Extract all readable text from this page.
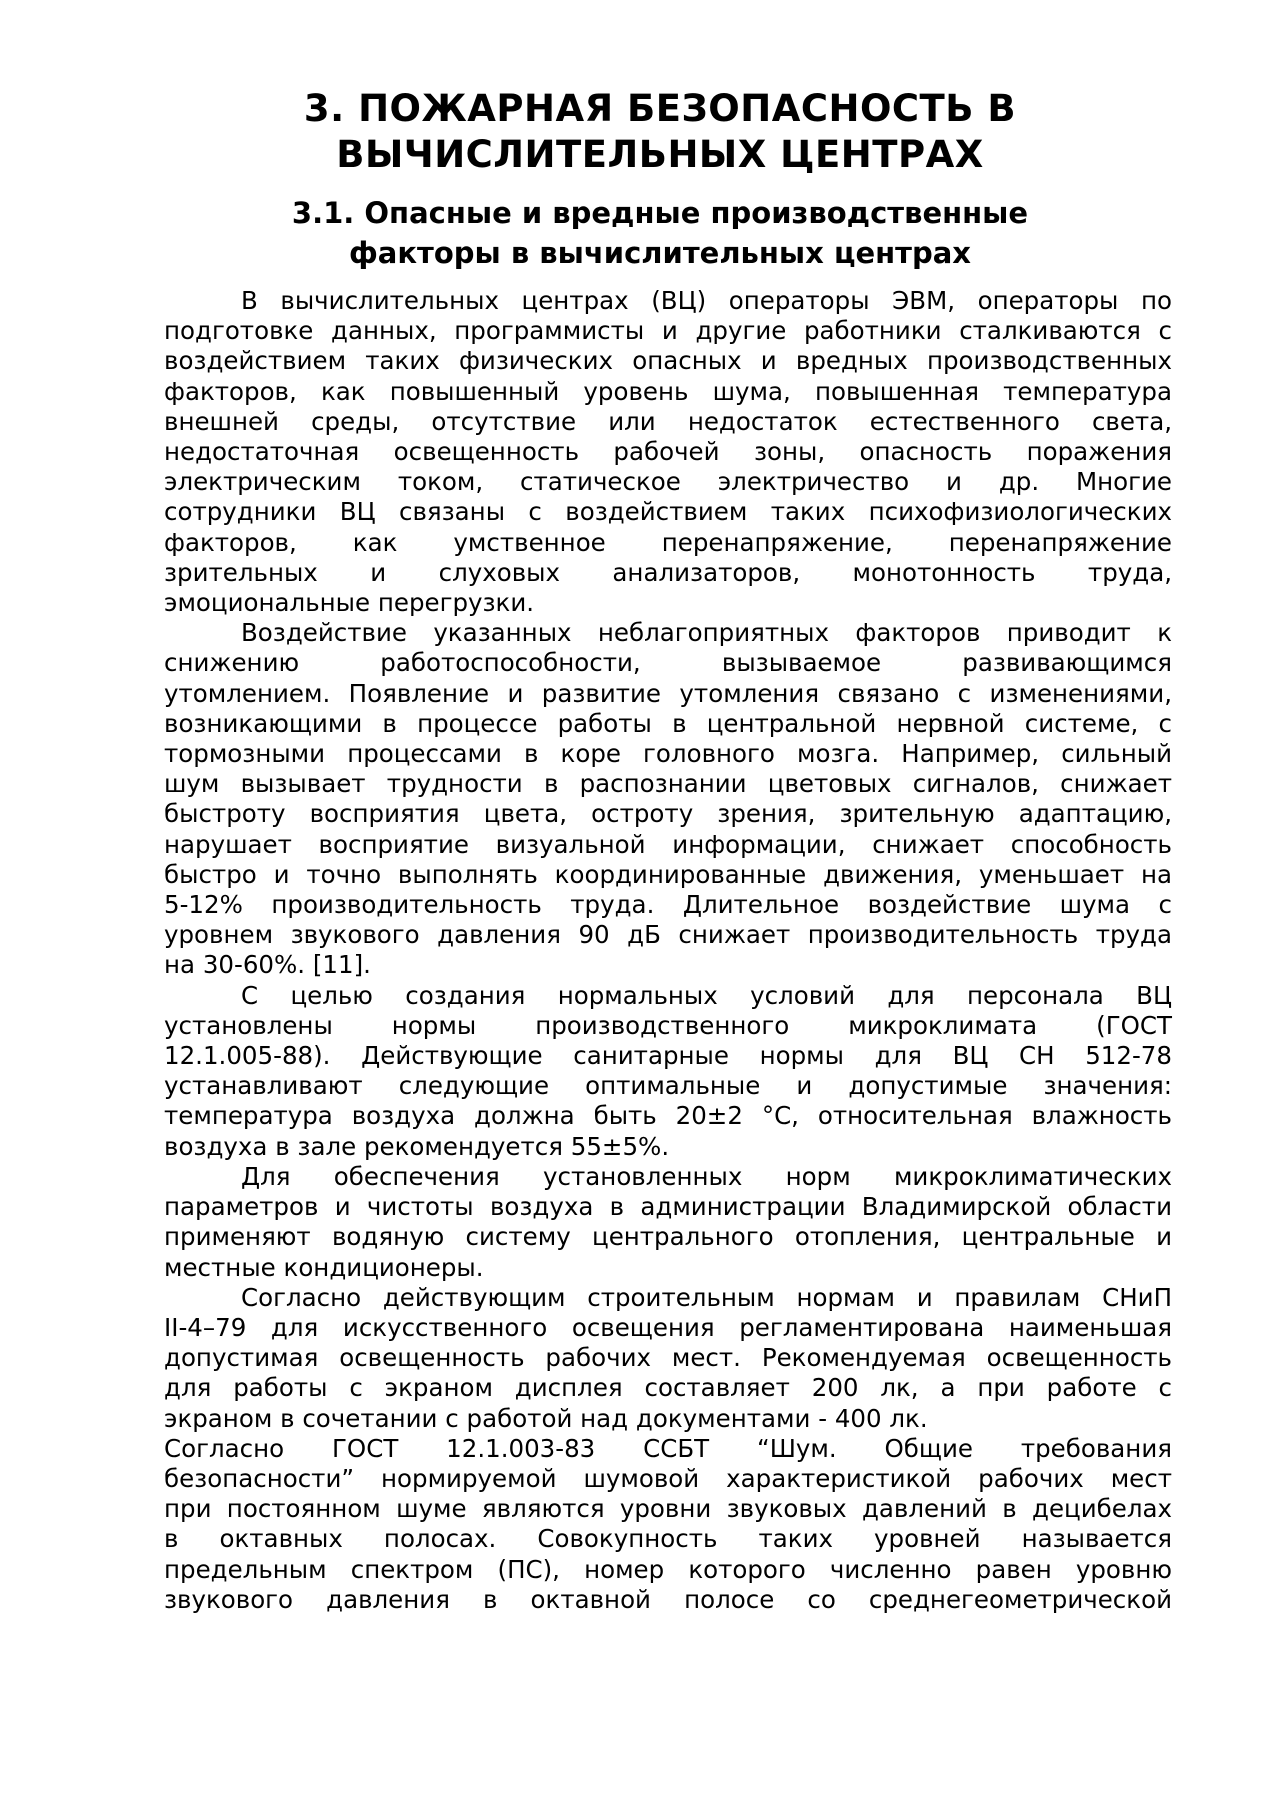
3. ПОЖАРНАЯ БЕЗОПАСНОСТЬ В
ВЫЧИСЛИТЕЛЬНЫХ ЦЕНТРАХ
3.1. Опасные и вредные производственные
факторы в вычислительных центрах

В вычислительных центрах (ВЦ) операторы ЭВМ, операторы по

подготовке данных, программисты и другие работники сталкиваются с

воздействием таких физических опасных и вредных производственных

факторов, как повышенный уровень шума, повышенная температура

внешней среды, отсутствие или недостаток естественного света,

недостаточная освещенность рабочей зоны, опасность поражения

электрическим током, статическое электричество и др. Многие

сотрудники ВЦ связаны с воздействием таких психофизиологических

факторов, как умственное перенапряжение, перенапряжение

зрительных и слуховых анализаторов, монотонность труда,

эмоциональные перегрузки.

Воздействие указанных неблагоприятных факторов приводит к

снижению работоспособности, вызываемое развивающимся

утомлением. Появление и развитие утомления связано с изменениями,

возникающими в процессе работы в центральной нервной системе, с

тормозными процессами в коре головного мозга. Например, сильный

шум вызывает трудности в распознании цветовых сигналов, снижает

быстроту восприятия цвета, остроту зрения, зрительную адаптацию,

нарушает восприятие визуальной информации, снижает способность

быстро и точно выполнять координированные движения, уменьшает на

5-12% производительность труда. Длительное воздействие шума с

уровнем звукового давления 90 дБ снижает производительность труда

на 30-60%. [11].

С целью создания нормальных условий для персонала ВЦ

установлены нормы производственного микроклимата (ГОСТ

12.1.005-88). Действующие санитарные нормы для ВЦ СН 512-78

устанавливают следующие оптимальные и допустимые значения:

температура воздуха должна быть 20±2 °С, относительная влажность

воздуха в зале рекомендуется 55±5%.

Для обеспечения установленных норм микроклиматических

параметров и чистоты воздуха в администрации Владимирской области

применяют водяную систему центрального отопления, центральные и

местные кондиционеры.

Согласно действующим строительным нормам и правилам СНиП

II-4–79 для искусственного освещения регламентирована наименьшая

допустимая освещенность рабочих мест. Рекомендуемая освещенность

для работы с экраном дисплея составляет 200 лк, а при работе с

экраном в сочетании с работой над документами - 400 лк.

Согласно ГОСТ 12.1.003-83 ССБТ “Шум. Общие требования

безопасности” нормируемой шумовой характеристикой рабочих мест

при постоянном шуме являются уровни звуковых давлений в децибелах

в октавных полосах. Совокупность таких уровней называется

предельным спектром (ПС), номер которого численно равен уровню

звукового давления в октавной полосе со среднегеометрической
